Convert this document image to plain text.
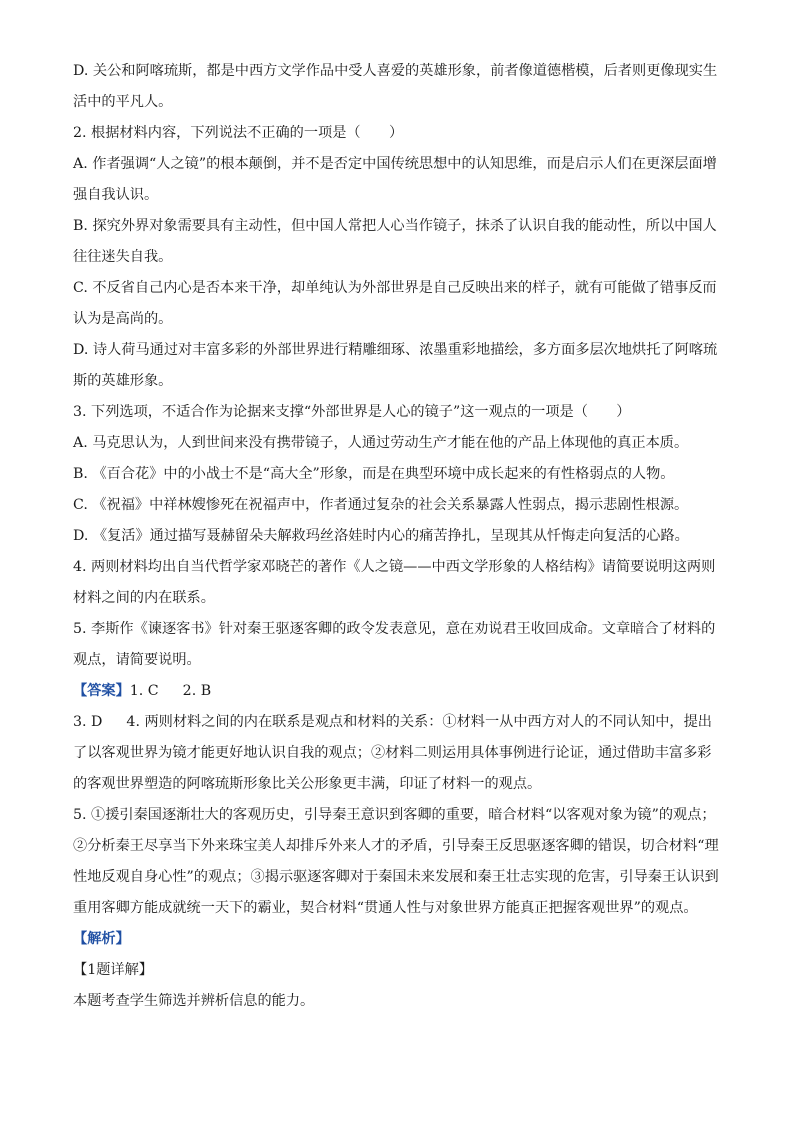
D. 关公和阿喀琉斯，都是中西方文学作品中受人喜爱的英雄形象，前者像道德楷模，后者则更像现实生活中的平凡人。

2. 根据材料内容，下列说法不正确的一项是（　　）

A. 作者强调“人之镜”的根本颠倒，并不是否定中国传统思想中的认知思维，而是启示人们在更深层面增强自我认识。

B. 探究外界对象需要具有主动性，但中国人常把人心当作镜子，抹杀了认识自我的能动性，所以中国人往往迷失自我。

C. 不反省自己内心是否本来干净，却单纯认为外部世界是自己反映出来的样子，就有可能做了错事反而认为是高尚的。

D. 诗人荷马通过对丰富多彩的外部世界进行精雕细琢、浓墨重彩地描绘，多方面多层次地烘托了阿喀琉斯的英雄形象。

3. 下列选项，不适合作为论据来支撑“外部世界是人心的镜子”这一观点的一项是（　　）

A. 马克思认为，人到世间来没有携带镜子，人通过劳动生产才能在他的产品上体现他的真正本质。

B. 《百合花》中的小战士不是“高大全”形象，而是在典型环境中成长起来的有性格弱点的人物。

C. 《祝福》中祥林嫂惨死在祝福声中，作者通过复杂的社会关系暴露人性弱点，揭示悲剧性根源。

D. 《复活》通过描写聂赫留朵夫解救玛丝洛娃时内心的痛苦挣扎，呈现其从忏悔走向复活的心路。

4. 两则材料均出自当代哲学家邓晓芒的著作《人之镜——中西文学形象的人格结构》请简要说明这两则材料之间的内在联系。

5. 李斯作《谏逐客书》针对秦王驱逐客卿的政令发表意见，意在劝说君王收回成命。文章暗合了材料的观点，请简要说明。

【答案】1. C 2. B

3. D 4. 两则材料之间的内在联系是观点和材料的关系：①材料一从中西方对人的不同认知中，提出了以客观世界为镜才能更好地认识自我的观点；②材料二则运用具体事例进行论证，通过借助丰富多彩的客观世界塑造的阿喀琉斯形象比关公形象更丰满，印证了材料一的观点。

5. ①援引秦国逐渐壮大的客观历史，引导秦王意识到客卿的重要，暗合材料“以客观对象为镜”的观点；②分析秦王尽享当下外来珠宝美人却排斥外来人才的矛盾，引导秦王反思驱逐客卿的错误，切合材料“理性地反观自身心性”的观点；③揭示驱逐客卿对于秦国未来发展和秦王壮志实现的危害，引导秦王认识到重用客卿方能成就统一天下的霸业，契合材料“贯通人性与对象世界方能真正把握客观世界”的观点。

【解析】

【1题详解】

本题考查学生筛选并辨析信息的能力。
